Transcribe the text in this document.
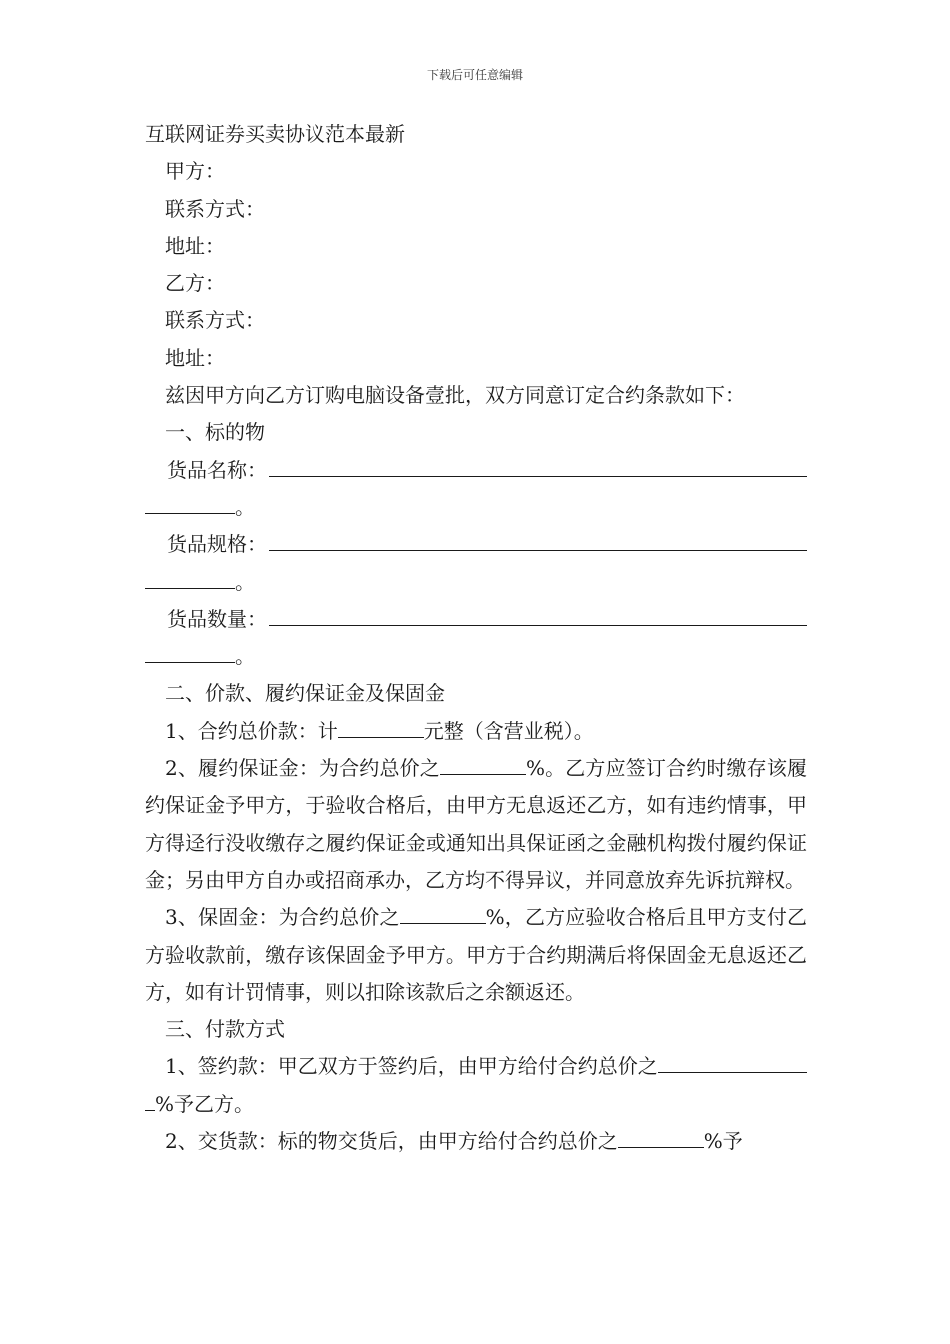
下载后可任意编辑
互联网证券买卖协议范本最新
甲方：
联系方式：
地址：
乙方：
联系方式：
地址：
兹因甲方向乙方订购电脑设备壹批，双方同意订定合约条款如下：
一、标的物
货品名称：
。
货品规格：
。
货品数量：
。
二、价款、履约保证金及保固金
1、合约总价款：计	元整（含营业税）。
2、履约保证金：为合约总价之	%。乙方应签订合约时缴存该履约保证金予甲方，于验收合格后，由甲方无息返还乙方，如有违约情事，甲方得迳行没收缴存之履约保证金或通知出具保证函之金融机构拨付履约保证金；另由甲方自办或招商承办，乙方均不得异议，并同意放弃先诉抗辩权。
3、保固金：为合约总价之	%，乙方应验收合格后且甲方支付乙方验收款前，缴存该保固金予甲方。甲方于合约期满后将保固金无息返还乙方，如有计罚情事，则以扣除该款后之余额返还。
三、付款方式
1、签约款：甲乙双方于签约后，由甲方给付合约总价之
%予乙方。
2、交货款：标的物交货后，由甲方给付合约总价之	%予
